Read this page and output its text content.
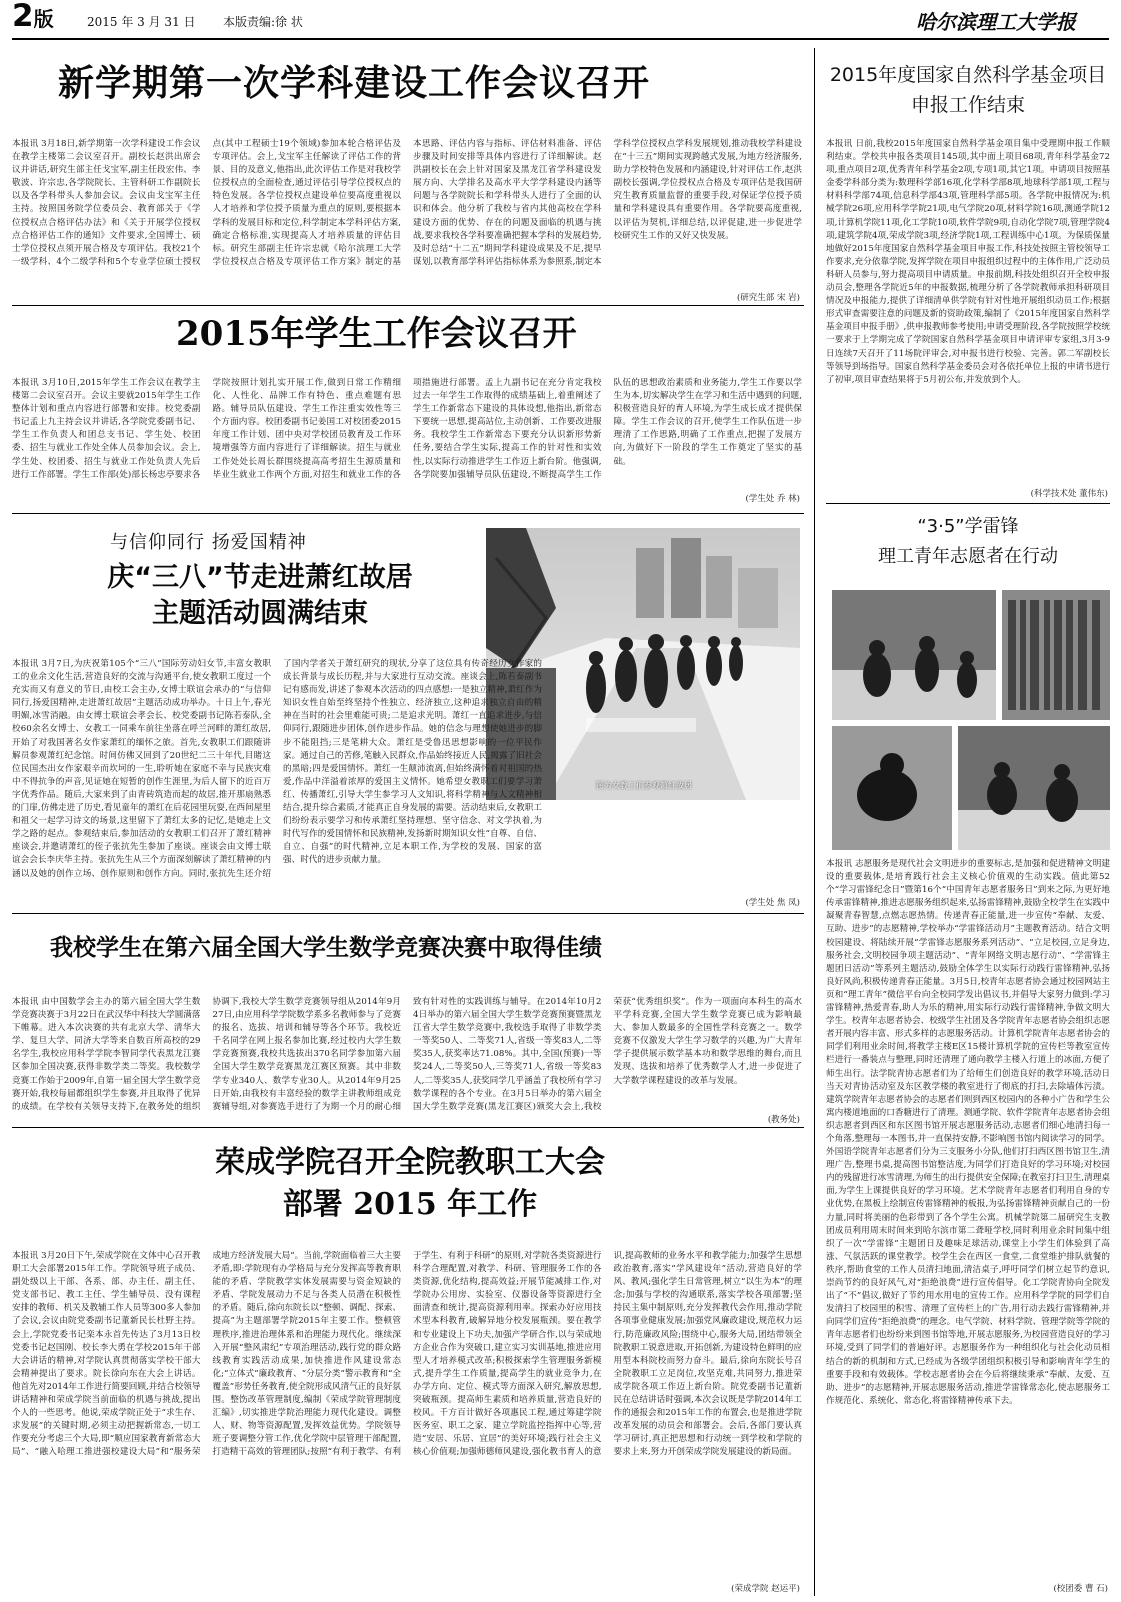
2版	2015 年 3 月 31 日 本版责编:徐 状	哈尔滨理工大学报
新学期第一次学科建设工作会议召开
本报讯 3月18日,新学期第一次学科建设工作会议在教学主楼第二会议室召开。副校长赵洪出席会议并讲话,研究生部主任戈宝军,副主任段宏伟、李敬波、许宗忠,各学院院长、主管科研工作副院长以及各学科带头人参加会议。会议由戈宝军主任主持。按照国务院学位委员会、教育部关于《学位授权点合格评估办法》和《关于开展学位授权点合格评估工作的通知》文件要求,全国博士、硕士学位授权点须开展合格及专项评估。我校21个一级学科、4个二级学科和5个专业学位硕士授权点(其中工程硕士19个领域)参加本轮合格评估及专项评估。会上,戈宝军主任解读了评估工作的背景、目的及意义,他指出,此次评估工作是对我校学位授权点的全面检查,通过评估引导学位授权点的特色发展。各学位授权点建设单位要高度重视以人才培养和学位授予质量为重点的原则,要根据本学科的发展目标和定位,科学制定本学科评估方案,确定合格标准,实现提高人才培养质量的评估目标。研究生部副主任许宗忠就《哈尔滨理工大学学位授权点合格及专项评估工作方案》制定的基本思路、评估内容与指标、评估材料准备、评估步骤及时间安排等具体内容进行了详细解读。赵洪副校长在会上针对国家及黑龙江省学科建设发展方向、大学排名及高水平大学学科建设内涵等问题与各学院院长和学科带头人进行了全面的认识和体会。他分析了我校与省内其他高校在学科建设方面的优势、存在的问题及面临的机遇与挑战,要求我校各学科要准确把握本学科的发展趋势,及时总结“十二五”期间学科建设成果及不足,提早谋划,以教育部学科评估指标体系为参照系,制定本学科学位授权点学科发展规划,推动我校学科建设在“十三五”期间实现跨越式发展,为地方经济服务,助力学校特色发展和内涵建设,针对评估工作,赵洪副校长强调,学位授权点合格及专项评估是我国研究生教育质量监督的重要手段,对保证学位授予质量和学科建设具有重要作用。各学院要高度重视,以评估为契机,详细总结,以评促建,进一步促进学校研究生工作的又好又快发展。
(研究生部 宋 岩)
2015年度国家自然科学基金项目申报工作结束
本报讯 日前,我校2015年度国家自然科学基金项目集中受理期申报工作顺利结束。学校共申报各类项目145项,其中面上项目68项,青年科学基金72项,重点项目2项,优秀青年科学基金2项,专项1项,其它1项。申请项目按照基金委学科部分类为:数理科学部16项,化学科学部8项,地球科学部1项,工程与材料科学部74项,信息科学部43项,管理科学部5项。各学院申报情况为:机械学院26项,应用科学学院21项,电气学院20项,材料学院16项,测通学院12项,计算机学院11项,化工学院10项,软件学院9项,自动化学院7项,管理学院4项,建筑学院4项,荣成学院3项,经济学院1项,工程训练中心1项。为保质保量地做好2015年度国家自然科学基金项目申报工作,科技处按照主管校领导工作要求,充分依靠学院,发挥学院在项目申报组织过程中的主体作用,广泛动员科研人员参与,努力提高项目申请质量。申报前期,科技处组织召开全校申报动员会,整理各学院近5年的申报数据,梳理分析了各学院教师承担科研项目情况及申报能力,提供了详细清单供学院有针对性地开展组织动员工作;根据形式审查需要注意的问题及新的资助政策,编制了《2015年度国家自然科学基金项目申报手册》,供申报教师参考使用;申请受理阶段,各学院按照学校统一要求于上学期完成了学院国家自然科学基金项目申请评审专家组,3月3-9日连续7天召开了11场院评审会,对申报书进行校验、完善。郭二军副校长等领导到场指导。国家自然科学基金委员会对各依托单位上报的申请书进行了初审,项目审查结果将于5月初公布,并发放到个人。
(科学技术处 董伟东)
2015年学生工作会议召开
本报讯 3月10日,2015年学生工作会议在教学主楼第二会议室召开。会议主要就2015年学生工作整体计划和重点内容进行部署和安排。校党委副书记孟上九主持会议并讲话,各学院党委副书记、学生工作负责人和团总支书记、学生处、校团委、招生与就业工作处全体人员参加会议。会上,学生处、校团委、招生与就业工作处负责人先后进行工作部署。学生工作部(处)部长杨忠亭要求各学院按照计划扎实开展工作,做到日常工作精细化、人性化、品牌工作有特色、重点难题有思路。辅导员队伍建设、学生工作注重实效性等三个方面内容。校团委副书记姜国工对校团委2015年度工作计划、团中央对学校团员教育及工作环境增强等方面内容进行了详细解读。招生与就业工作处处长周长群围绕提高高考招生生源质量和毕业生就业工作两个方面,对招生和就业工作的各项措施进行部署。孟上九副书记在充分肯定我校过去一年学生工作取得的成绩基础上,着重阐述了学生工作新常态下建设的具体设想,他指出,新常态下要统一思想,提高站位,主动创新、工作要改进服务。我校学生工作新常态下要充分认识新形势新任务,要结合学生实际,提高工作的针对性和实效性,以实际行动推进学生工作迈上新台阶。他强调,各学院要加强辅导员队伍建设,不断提高学生工作队伍的思想政治素质和业务能力,学生工作要以学生为本,切实解决学生在学习和生活中遇到的问题,积极营造良好的育人环境,为学生成长成才提供保障。学生工作会议的召开,使学生工作队伍进一步理清了工作思路,明确了工作重点,把握了发展方向,为做好下一阶段的学生工作奠定了坚实的基础。
(学生处 乔 林)
与信仰同行 扬爱国精神
庆“三八”节走进萧红故居
主题活动圆满结束
图为女教工们参观萧红故居
本报讯 3月7日,为庆祝第105个“三八”国际劳动妇女节,丰富女教职工的业余文化生活,营造良好的交流与沟通平台,使女教职工度过一个充实而又有意义的节日,由校工会主办,女博士联谊会承办的“与信仰同行,扬爱国精神,走进萧红故居”主题活动成功举办。十日上午,春光明媚,冰雪消融。由女博士联谊会孝会长、校党委副书记陈若泰队,全校60余名女博士、女教工一同乘车前往坐落在呼兰河畔的萧红故居,开始了对我国著名女作家萧红的缅怀之旅。首先,女教职工们跟随讲解员参观萧红纪念馆。时间仿佛又回到了20世纪二三十年代,目睹这位民国杰出女作家艰辛而坎坷的一生,聆听她在家庭不幸与民族灾难中不得抗争的声音,见证她在短暂的创作生涯里,为后人留下的近百万字优秀作品。随后,大家来到了由青砖筑造而起的故居,推开那扇熟悉的门扉,仿佛走进了历史,看见童年的萧红在后花园里玩耍,在西间屋里和祖父一起学习诗文的场景,这里留下了萧红太多的记忆,是她走上文学之路的起点。参观结束后,参加活动的女教职工们召开了萧红精神座谈会,并邀请萧红的侄子张抗先生参加了座谈。座谈会由文博士联谊会会长李庆华主持。张抗先生从三个方面深刻解读了萧红精神的内涵以及她的创作立场、创作原则和创作方向。同时,张抗先生还介绍了国内学者关于萧红研究的现状,分享了这位具有传奇经历女作家的成长背景与成长历程,并与大家进行互动交流。座谈会上,陈若泰副书记有感而发,讲述了参观本次活动的四点感想:一是独立精神,萧红作为知识女性自始至终坚持个性独立、经济独立,这种追求独立自由的精神在当时的社会里难能可贵;二是追求光明。萧红一直追求进步,与信仰同行,跟随进步团体,创作进步作品。她的信念与理想使她进步的脚步不能阻挡;三是笔耕大众。萧红是受鲁迅思想影响的一位平民作家。通过自己的苦修,笔触入民群众,作品始终接近人民,揭露了旧社会的黑暗;四是爱国情怀。萧红一生颠沛流离,但始终满怀着对祖国的热爱,作品中洋溢着浓厚的爱国主义情怀。她希望女教职工们要学习萧红、传播萧红,引导大学生参学习人文知识,将科学精神与人文精神相结合,提升综合素质,才能真正自身发展的需要。活动结束后,女教职工们纷纷表示要学习和传承萧红坚持理想、坚守信念、对文学执着,为时代写作的爱国情怀和民族精神,发扬新时期知识女性“自尊、自信、自立、自强”的时代精神,立足本职工作,为学校的发展、国家的富强、时代的进步贡献力量。
(学生处 焦 凤)
“3·5”学雷锋
理工青年志愿者在行动
本报讯 志愿服务是现代社会文明进步的重要标志,是加强和促进精神文明建设的重要载体,是培育践行社会主义核心价值观的生动实践。值此第52个“学习雷锋纪念日”暨第16个“中国青年志愿者服务日”到来之际,为更好地传承雷锋精神,推进志愿服务组织起来,弘扬雷锋精神,鼓励全校学生在实践中凝聚青春智慧,点燃志愿热情。传递青春正能量,进一步宣传“奉献、友爱、互助、进步”的志愿精神,学校举办“学雷锋活动月”主题教育活动。结合文明校园建设、将陆续开展“学雷锋志愿服务系列活动”、“立足校园,立足身边,服务社会,文明校园争项主题活动”、“青年网络文明志愿行动”、“学雷锋主题团日活动”等系列主题活动,鼓励全体学生以实际行动践行雷锋精神,弘扬良好风尚,积极传递青春正能量。3月5日,校青年志愿者协会通过校园网站主页和“理工青年”微信平台向全校同学发出倡议书,并倡导大家努力做到:学习雷锋精神,热爱青春,助人为乐的精神,用实际行动践行雷锋精神,争做文明大学生。校青年志愿者协会、校级学生社团及各学院青年志愿者协会组织志愿者开展内容丰富、形式多样的志愿服务活动。计算机学院青年志愿者协会的同学们利用业余时间,将教学主楼E区15楼计算机学院的宣传栏等教室宣传栏进行一番装点与整理,同时还清理了通向教学主楼入行道上的冰面,方便了师生出行。法学院青协志愿者们为了给师生们创造良好的教学环境,活动日当天对青协活动室及东区教学楼的教室进行了彻底的打扫,去除墙体污渍。建筑学院青年志愿者协会的志愿者们则到西区校园内的各种小广告和学生公寓内楼道地面的口香糖进行了清理。测通学院、软件学院青年志愿者协会组织志愿者到西区和东区图书馆开展志愿服务活动,志愿者们细心地清扫每一个角落,整理每一本图书,并一直保持安静,不影响图书馆内阅读学习的同学。外国语学院青年志愿者们分为三支服务小分队,他们打扫西区图书馆卫生,清理广告,整理书桌,提高图书馆整洁度,为同学们打造良好的学习环境;对校园内的残留进行冰雪清理,为师生的出行提供安全保障;在教室打扫卫生,清理桌面,为学生上课提供良好的学习环境。艺术学院青年志愿者们利用自身的专业优势,在黑板上绘制宣传雷锋精神的板报,为弘扬雷锋精神贡献自己的一份力量,同时将美丽的色彩带到了各个学生公寓。机械学院第二届研究生支教团成员利用周末时间来到哈尔滨市第二聋哑学校,同时利用业余时间集中组织了一次“学雷锋”主题团日及趣味足球活动,课堂上小学生们体验到了高涨、气氛活跃的课堂教学。校学生会在西区一食堂,二食堂维护排队就餐的秩序,帮助食堂的工作人员清扫地面,清洁桌子,呼吁同学们树立起节约意识,崇尚节约的良好风气,对“拒绝浪费”进行宣传倡导。化工学院青协向全院发出了“不”倡议,做好了节约用水用电的宣传工作。应用科学学院的同学们自发清扫了校园里的积雪、清理了宣传栏上的广告,用行动去践行雷锋精神,并向同学们宣传“拒绝浪费”的理念。电气学院、材料学院、管理学院等学院的青年志愿者们也纷纷来到图书馆等地,开展志愿服务,为校园营造良好的学习环境,受到了同学们的普遍好评。志愿服务作为一种组织化与社会化动员相结合的新的机制和方式,已经成为各级学团组织积极引导和影响青年学生的重要手段和有效载体。学校志愿者协会在今后将继续秉承“奉献、友爱、互助、进步”的志愿精神,开展志愿服务活动,推进学雷锋常态化,使志愿服务工作规范化、系统化、常态化,将雷锋精神传承下去。
(校团委 曹 石)
我校学生在第六届全国大学生数学竞赛决赛中取得佳绩
本报讯 由中国数学会主办的第六届全国大学生数学竞赛决赛于3月22日在武汉华中科技大学圆满落下帷幕。进入本次决赛的共有北京大学、清华大学、复旦大学、同济大学等来自数百所高校的29名学生,我校应用科学学院李智同学代表黑龙江赛区参加全国决赛,获得非数学类二等奖。我校数学竞赛工作始于2009年,自第一届全国大学生数学竞赛开始,我校每届都组织学生参赛,并且取得了优异的成绩。在学校有关领导支持下,在教务处的组织协调下,我校大学生数学竞赛领导组从2014年9月27日,由应用科学学院数学系多名教师参与了竞赛的报名、选拔、培训和辅导等各个环节。我校近千名同学在网上报名参加比赛,经过校内大学生数学竞赛预赛,我校共选拔出370名同学参加第六届全国大学生数学竞赛黑龙江赛区预赛。其中非数学专业340人、数学专业30人。从2014年9月25日开始,由我校有丰富经验的数学主讲教师组成竞赛辅导组,对参赛选手进行了为期一个月的耐心细致有针对性的实践训练与辅导。在2014年10月24日举办的第六届全国大学生数学竞赛预赛暨黑龙江省大学生数学竞赛中,我校选手取得了非数学类一等奖50人、二等奖71人,省级一等奖83人,二等奖35人,获奖率达71.08%。其中,全国(预赛)一等奖24人,二等奖50人,三等奖71人,省级一等奖83人,二等奖35人,获奖同学几乎涵盖了我校所有学习数学课程的各个专业。在3月5日举办的第六届全国大学生数学竞赛(黑龙江赛区)颁奖大会上,我校荣获“优秀组织奖”。作为一项面向本科生的高水平学科竞赛,全国大学生数学竞赛已成为影响最大、参加人数最多的全国性学科竞赛之一。数学竞赛不仅激发大学生学习数学的兴趣,为广大青年学子提供展示数学基本功和数学思维的舞台,而且发现、选拔和培养了优秀数学人才,进一步促进了大学数学课程建设的改革与发展。
(教务处)
荣成学院召开全院教职工大会
部署 2015 年工作
本报讯 3月20日下午,荣成学院在文体中心召开教职工大会部署2015年工作。学院领导班子成员、副处级以上干部、各系、部、办主任、副主任、党支部书记、教工主任、学生辅导员、没有课程安排的教师、机关及教辅工作人员等300多人参加了会议,会议由院党委副书记董新民长杜野主持。会上,学院党委书记栾本永首先传达了3月13日校党委书记赵国刚、校长李大勇在学校2015年干部大会讲话的精神,对学院认真贯彻落实学校干部大会精神提出了要求。院长徐向东在大会上讲话。他首先对2014年工作进行简要回顾,并结合校领导讲话精神和荣成学院当前面临的机遇与挑战,提出个人的一些思考。他说,荣成学院正处于“求生存、求发展”的关键时期,必须主动把握新常态,一切工作要充分考虑三个大局,即“顺应国家教育新常态大局”、“融入哈理工推进强校建设大局”和“服务荣成地方经济发展大局”。当前,学院面临着三大主要矛盾,即:学院现有办学格局与充分发挥高等教育职能的矛盾、学院教学实体发展需要与资金短缺的矛盾、学院发展动力不足与各类人员潜在积极性的矛盾。随后,徐向东院长以“整顿、调配、探索、提高”为主题部署学院2015年主要工作。整顿管理秩序,推进治理体系和治理能力现代化。继续深入开展“整风肃纪”专项治理活动,践行党的群众路线教育实践活动成果,加快推进作风建设常态化;“立体式”廉政教育、“分层分类”警示教育和“全覆盖”形势任务教育,使全院形成风清气正的良好氛围。整饬改革管理制度,编制《荣成学院管理制度汇编》,切实推进学院治理能力现代化建设。调整人、财、物等资源配置,发挥效益优势。学院领导班子要调整分管工作,优化学院中层管理干部配置,打造精干高效的管理团队;按照“有利于教学、有利于学生、有利于科研”的原则,对学院各类资源进行科学合理配置,对教学、科研、管理服务工作的各类资源,优化结构,提高效益;开展节能减排工作,对学院办公用房、实验室、仪器设备等资源进行全面清查和统计,提高资源利用率。探索办好应用技术型本科教育,破解异地分校发展瓶颈。要在教学和专业建设上下功夫,加强产学研合作,以与荣成地方企业合作为突破口,建立实习实训基地,推进应用型人才培养模式改革;积极探索学生管理服务新模式,提升学生工作质量,提高学生的就业竞争力,在办学方向、定位、模式等方面深入研究,解放思想,突破瓶颈。提高师生素质和培养质量,营造良好的校风。千方百计做好各项惠民工程,通过筹建学院医务室、职工之家、建立学院监控指挥中心等,营造“安居、乐居、宜居”的美好环境;践行社会主义核心价值观;加强师德师风建设,强化教书育人的意识,提高教师的业务水平和教学能力;加强学生思想政治教育,落实“学风建设年”活动,营造良好的学风、教风;强化学生日常管理,树立“以生为本”的理念;加强与学校的沟通联系,落实学校各项部署;坚持民主集中制原则,充分发挥教代会作用,推动学院各项事业健康发展;加强党风廉政建设,规范权力运行,防范廉政风险;围绕中心,服务大局,团结带领全院教职工锐意进取,开拓创新,为建设特色鲜明的应用型本科院校而努力奋斗。最后,徐向东院长号召全院教职工立足岗位,攻坚克难,共同努力,推进荣成学院各项工作迈上新台阶。院党委副书记董新民在总结讲话时强调,本次会议既是学院2014年工作的通报会和2015年工作的布置会,也是推进学院改革发展的动员会和部署会。会后,各部门要认真学习研讨,真正把思想和行动统一到学校和学院的要求上来,努力开创荣成学院发展建设的新局面。
(荣成学院 赵运平)
